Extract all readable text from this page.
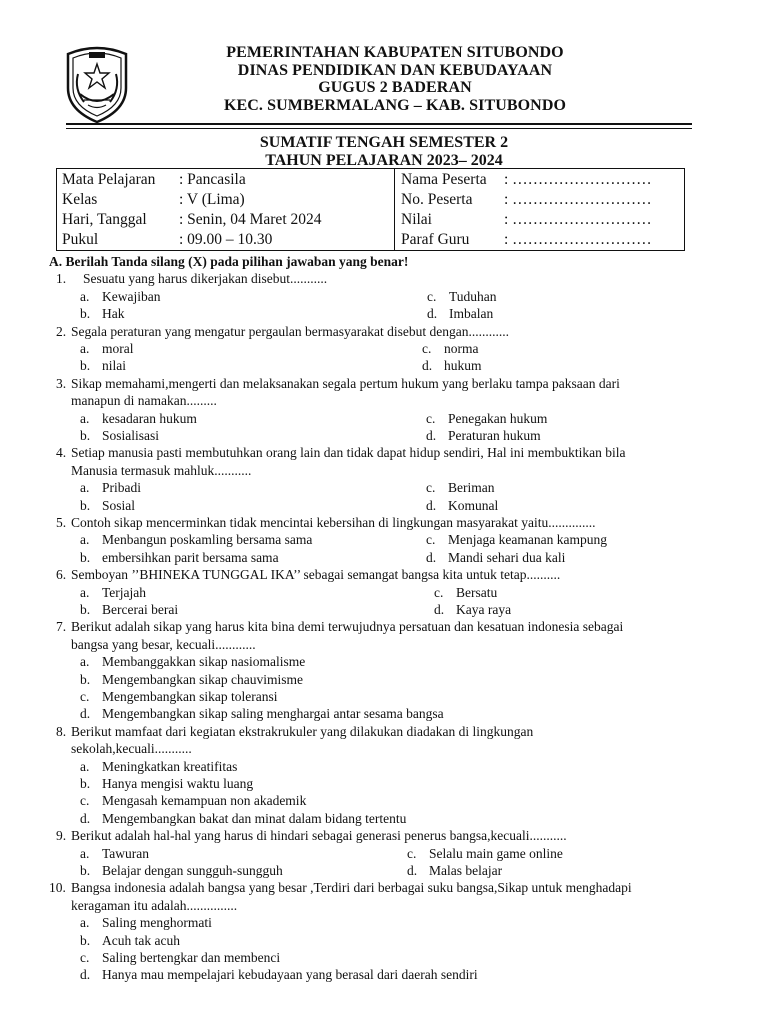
PEMERINTAHAN KABUPATEN SITUBONDO
DINAS PENDIDIKAN DAN KEBUDAYAAN
GUGUS 2 BADERAN
KEC. SUMBERMALANG – KAB. SITUBONDO
SUMATIF TENGAH SEMESTER 2
TAHUN PELAJARAN 2023– 2024
Mata Pelajaran : Pancasila
Kelas	: V (Lima)
Hari, Tanggal : Senin, 04 Maret 2024
Pukul	: 09.00 – 10.30
Nama Peserta : ………………………
No. Peserta : ………………………
Nilai	: ………………………
Paraf Guru : ………………………
A. Berilah Tanda silang (X) pada pilihan jawaban yang benar!
1. Sesuatu yang harus dikerjakan disebut...........
a. Kewajiban	c. Tuduhan
b. Hak	d. Imbalan
2. Segala peraturan yang mengatur pergaulan bermasyarakat disebut dengan............
a. moral	c. norma
b. nilai	d. hukum
3. Sikap memahami,mengerti dan melaksanakan segala pertum hukum yang berlaku tampa paksaan dari
manapun di namakan.........
a. kesadaran hukum	c. Penegakan hukum
b. Sosialisasi	d. Peraturan hukum
4. Setiap manusia pasti membutuhkan orang lain dan tidak dapat hidup sendiri, Hal ini membuktikan bila
Manusia termasuk mahluk...........
a. Pribadi	c. Beriman
b. Sosial	d. Komunal
5. Contoh sikap mencerminkan tidak mencintai kebersihan di lingkungan masyarakat yaitu..............
a. Menbangun poskamling bersama sama	c. Menjaga keamanan kampung
b. embersihkan parit bersama sama	d. Mandi sehari dua kali
6. Semboyan ’’BHINEKA TUNGGAL IKA’’ sebagai semangat bangsa kita untuk tetap..........
a. Terjajah	c. Bersatu
b. Bercerai berai	d. Kaya raya
7. Berikut adalah sikap yang harus kita bina demi terwujudnya persatuan dan kesatuan indonesia sebagai
bangsa yang besar, kecuali............
a. Membanggakkan sikap nasiomalisme
b. Mengembangkan sikap chauvimisme
c. Mengembangkan sikap toleransi
d. Mengembangkan sikap saling menghargai antar sesama bangsa
8. Berikut mamfaat dari kegiatan ekstrakrukuler yang dilakukan diadakan di lingkungan
sekolah,kecuali...........
a. Meningkatkan kreatifitas
b. Hanya mengisi waktu luang
c. Mengasah kemampuan non akademik
d. Mengembangkan bakat dan minat dalam bidang tertentu
9. Berikut adalah hal-hal yang harus di hindari sebagai generasi penerus bangsa,kecuali...........
a. Tawuran	c. Selalu main game online
b. Belajar dengan sungguh-sungguh	d. Malas belajar
10. Bangsa indonesia adalah bangsa yang besar ,Terdiri dari berbagai suku bangsa,Sikap untuk menghadapi
keragaman itu adalah...............
a. Saling menghormati
b. Acuh tak acuh
c. Saling bertengkar dan membenci
d. Hanya mau mempelajari kebudayaan yang berasal dari daerah sendiri
